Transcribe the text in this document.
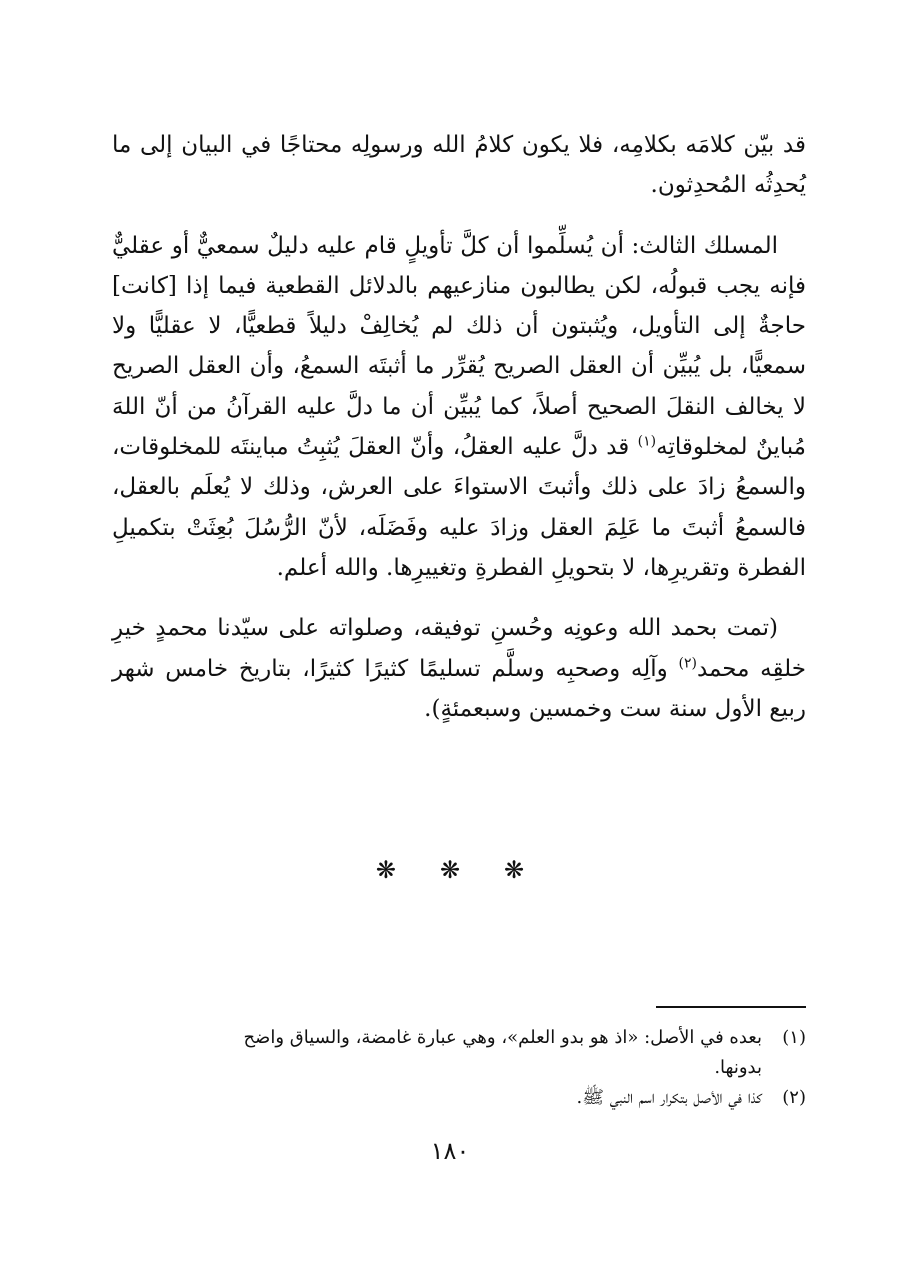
قد بيّن كلامَه بكلامِه، فلا يكون كلامُ الله ورسولِه محتاجًا في البيان إلى ما يُحدِثُه المُحدِثون.

المسلك الثالث: أن يُسلِّموا أن كلَّ تأويلٍ قام عليه دليلٌ سمعيٌّ أو عقليٌّ فإنه يجب قبولُه، لكن يطالبون منازعيهم بالدلائل القطعية فيما إذا [كانت] حاجةٌ إلى التأويل، ويُثبتون أن ذلك لم يُخالِفْ دليلاً قطعيًّا، لا عقليًّا ولا سمعيًّا، بل يُبيِّن أن العقل الصريح يُقرِّر ما أثبتَه السمعُ، وأن العقل الصريح لا يخالف النقلَ الصحيح أصلاً، كما يُبيِّن أن ما دلَّ عليه القرآنُ من أنّ اللهَ مُباينٌ لمخلوقاتِه$^{(١)}$ قد دلَّ عليه العقلُ، وأنّ العقلَ يُثبِتُ مباينتَه للمخلوقات، والسمعُ زادَ على ذلك وأثبتَ الاستواءَ على العرش، وذلك لا يُعلَم بالعقل، فالسمعُ أثبتَ ما عَلِمَ العقل وزادَ عليه وفَضَلَه، لأنّ الرُّسُلَ بُعِثَتْ بتكميلِ الفطرة وتقريرِها، لا بتحويلِ الفطرةِ وتغييرِها. والله أعلم.

(تمت بحمد الله وعونِه وحُسنِ توفيقه، وصلواته على سيّدنا محمدٍ خيرِ خلقِه محمد$^{(٢)}$ وآلِه وصحبِه وسلَّم تسليمًا كثيرًا كثيرًا، بتاريخ خامس شهر ربيع الأول سنة ست وخمسين وسبعمئةٍ).

❋ ❋ ❋

(١)بعده في الأصل: «اذ هو بدو العلم»، وهي عبارة غامضة، والسياق واضح

بدونها.

(٢)كذا في الأصل بتكرار اسم النبي ﷺ.

١٨٠
